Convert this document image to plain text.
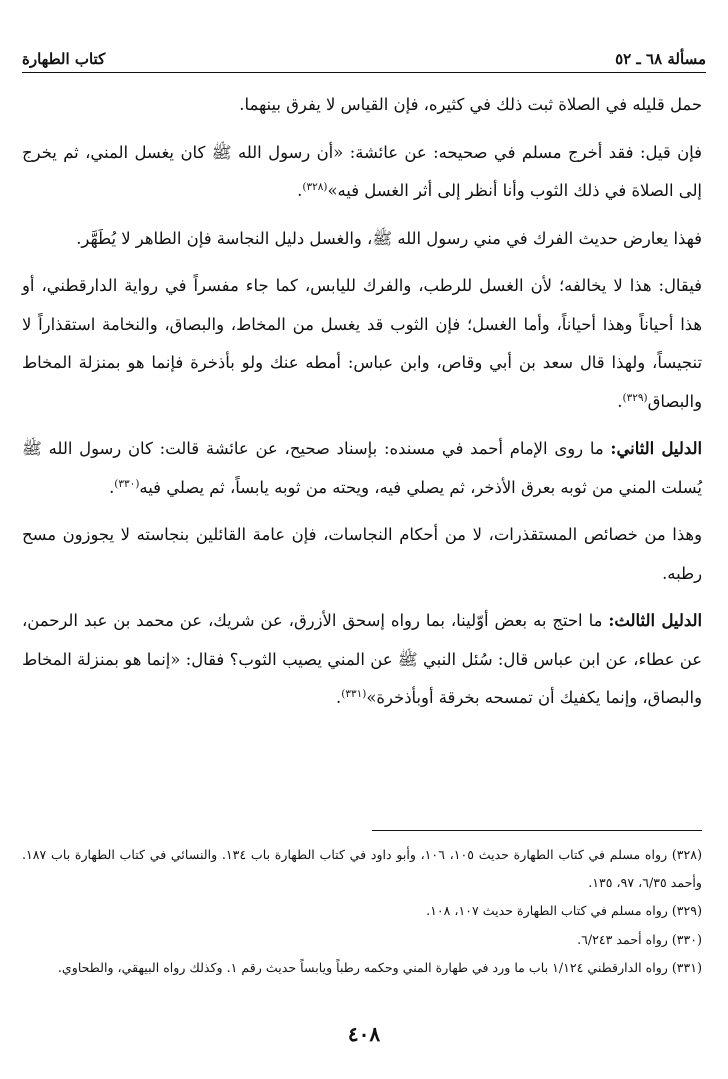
مسألة ٦٨ ـ ٥٢
كتاب الطهارة

حمل قليله في الصلاة ثبت ذلك في كثيره، فإن القياس لا يفرق بينهما.

فإن قيل: فقد أخرج مسلم في صحيحه: عن عائشة: «أن رسول الله ﷺ كان يغسل المني، ثم يخرج إلى الصلاة في ذلك الثوب وأنا أنظر إلى أثر الغسل فيه»$^{(٣٢٨)}$.

فهذا يعارض حديث الفرك في مني رسول الله ﷺ، والغسل دليل النجاسة فإن الطاهر لا يُطَهَّر.

فيقال: هذا لا يخالفه؛ لأن الغسل للرطب، والفرك لليابس، كما جاء مفسراً في رواية الدارقطني، أو هذا أحياناً وهذا أحياناً، وأما الغسل؛ فإن الثوب قد يغسل من المخاط، والبصاق، والنخامة استقذاراً لا تنجيساً، ولهذا قال سعد بن أبي وقاص، وابن عباس: أمطه عنك ولو بأذخرة فإنما هو بمنزلة المخاط والبصاق$^{(٣٢٩)}$.

الدليل الثاني: ما روى الإمام أحمد في مسنده: بإسناد صحيح، عن عائشة قالت: كان رسول الله ﷺ يُسلت المني من ثوبه بعرق الأذخر، ثم يصلي فيه، ويحته من ثوبه يابساً، ثم يصلي فيه$^{(٣٣٠)}$.

وهذا من خصائص المستقذرات، لا من أحكام النجاسات، فإن عامة القائلين بنجاسته لا يجوزون مسح رطبه.

الدليل الثالث: ما احتج به بعض أوّلينا، بما رواه إسحق الأزرق، عن شريك، عن محمد بن عبد الرحمن، عن عطاء، عن ابن عباس قال: سُئل النبي ﷺ عن المني يصيب الثوب؟ فقال: «إنما هو بمنزلة المخاط والبصاق، وإنما يكفيك أن تمسحه بخرقة أوبأذخرة»$^{(٣٣١)}$.

(٣٢٨) رواه مسلم في كتاب الطهارة حديث ١٠٥، ١٠٦، وأبو داود في كتاب الطهارة باب ١٣٤. والنسائي في كتاب الطهارة باب ١٨٧. وأحمد ٦/٣٥، ٩٧، ١٣٥.

(٣٢٩) رواه مسلم في كتاب الطهارة حديث ١٠٧، ١٠٨.

(٣٣٠) رواه أحمد ٦/٢٤٣.

(٣٣١) رواه الدارقطني ١/١٢٤ باب ما ورد في طهارة المني وحكمه رطباً ويابساً حديث رقم ١. وكذلك رواه البيهقي، والطحاوي.

٤٠٨
